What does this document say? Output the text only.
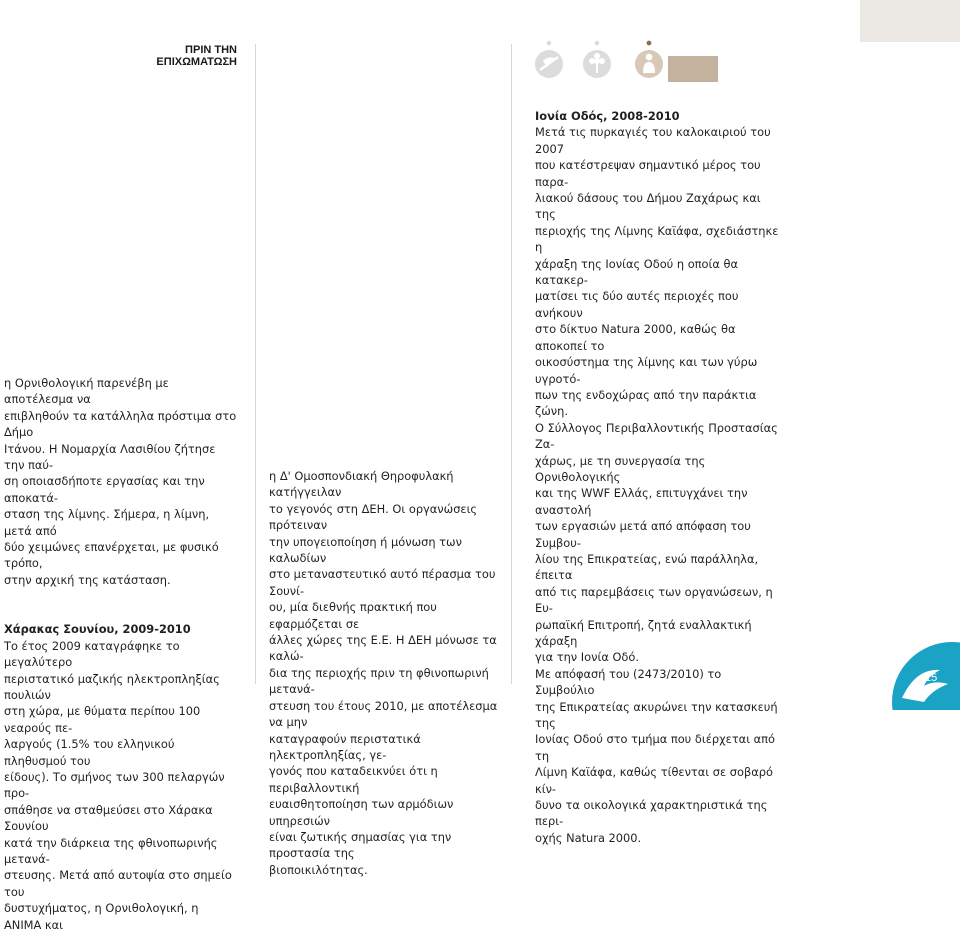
ΠΡΙΝ ΤΗΝ ΕΠΙΧΩΜΑΤΩΣΗ

η Ορνιθολογική παρενέβη με αποτέλεσμα να
επιβληθούν τα κατάλληλα πρόστιμα στο Δήμο
Ιτάνου. Η Νομαρχία Λασιθίου ζήτησε την παύ-
ση οποιασδήποτε εργασίας και την αποκατά-
σταση της λίμνης. Σήμερα, η λίμνη, μετά από
δύο χειμώνες επανέρχεται, με φυσικό τρόπο,
στην αρχική της κατάσταση.

Χάρακας Σουνίου, 2009-2010

Το έτος 2009 καταγράφηκε το μεγαλύτερο
περιστατικό μαζικής ηλεκτροπληξίας πουλιών
στη χώρα, με θύματα περίπου 100 νεαρούς πε-
λαργούς (1.5% του ελληνικού πληθυσμού του
είδους). Το σμήνος των 300 πελαργών προ-
σπάθησε να σταθμεύσει στο Χάρακα Σουνίου
κατά την διάρκεια της φθινοπωρινής μετανά-
στευσης. Μετά από αυτοψία στο σημείο του
δυστυχήματος, η Ορνιθολογική, η ANIMA και

η Δ' Ομοσπονδιακή Θηροφυλακή κατήγγειλαν
το γεγονός στη ΔΕΗ. Οι οργανώσεις πρότειναν
την υπογειοποίηση ή μόνωση των καλωδίων
στο μεταναστευτικό αυτό πέρασμα του Σουνί-
ου, μία διεθνής πρακτική που εφαρμόζεται σε
άλλες χώρες της Ε.Ε. Η ΔΕΗ μόνωσε τα καλώ-
δια της περιοχής πριν τη φθινοπωρινή μετανά-
στευση του έτους 2010, με αποτέλεσμα να μην
καταγραφούν περιστατικά ηλεκτροπληξίας, γε-
γονός που καταδεικνύει ότι η περιβαλλοντική
ευαισθητοποίηση των αρμόδιων υπηρεσιών
είναι ζωτικής σημασίας για την προστασία της
βιοποικιλότητας.

Ιονία Οδός, 2008-2010

Μετά τις πυρκαγιές του καλοκαιριού του 2007
που κατέστρεψαν σημαντικό μέρος του παρα-
λιακού δάσους του Δήμου Ζαχάρως και της
περιοχής της Λίμνης Καϊάφα, σχεδιάστηκε η
χάραξη της Ιονίας Οδού η οποία θα κατακερ-
ματίσει τις δύο αυτές περιοχές που ανήκουν
στο δίκτυο Natura 2000, καθώς θα αποκοπεί το
οικοσύστημα της λίμνης και των γύρω υγροτό-
πων της ενδοχώρας από την παράκτια ζώνη.

Ο Σύλλογος Περιβαλλοντικής Προστασίας Ζα-
χάρως, με τη συνεργασία της Ορνιθολογικής
και της WWF Ελλάς, επιτυγχάνει την αναστολή
των εργασιών μετά από απόφαση του Συμβου-
λίου της Επικρατείας, ενώ παράλληλα, έπειτα
από τις παρεμβάσεις των οργανώσεων, η Ευ-
ρωπαϊκή Επιτροπή, ζητά εναλλακτική χάραξη
για την Ιονία Οδό.

Με απόφασή του (2473/2010) το Συμβούλιο
της Επικρατείας ακυρώνει την κατασκευή της
Ιονίας Οδού στο τμήμα που διέρχεται από τη
Λίμνη Καϊάφα, καθώς τίθενται σε σοβαρό κίν-
δυνο τα οικολογικά χαρακτηριστικά της περι-
οχής Natura 2000.

15
